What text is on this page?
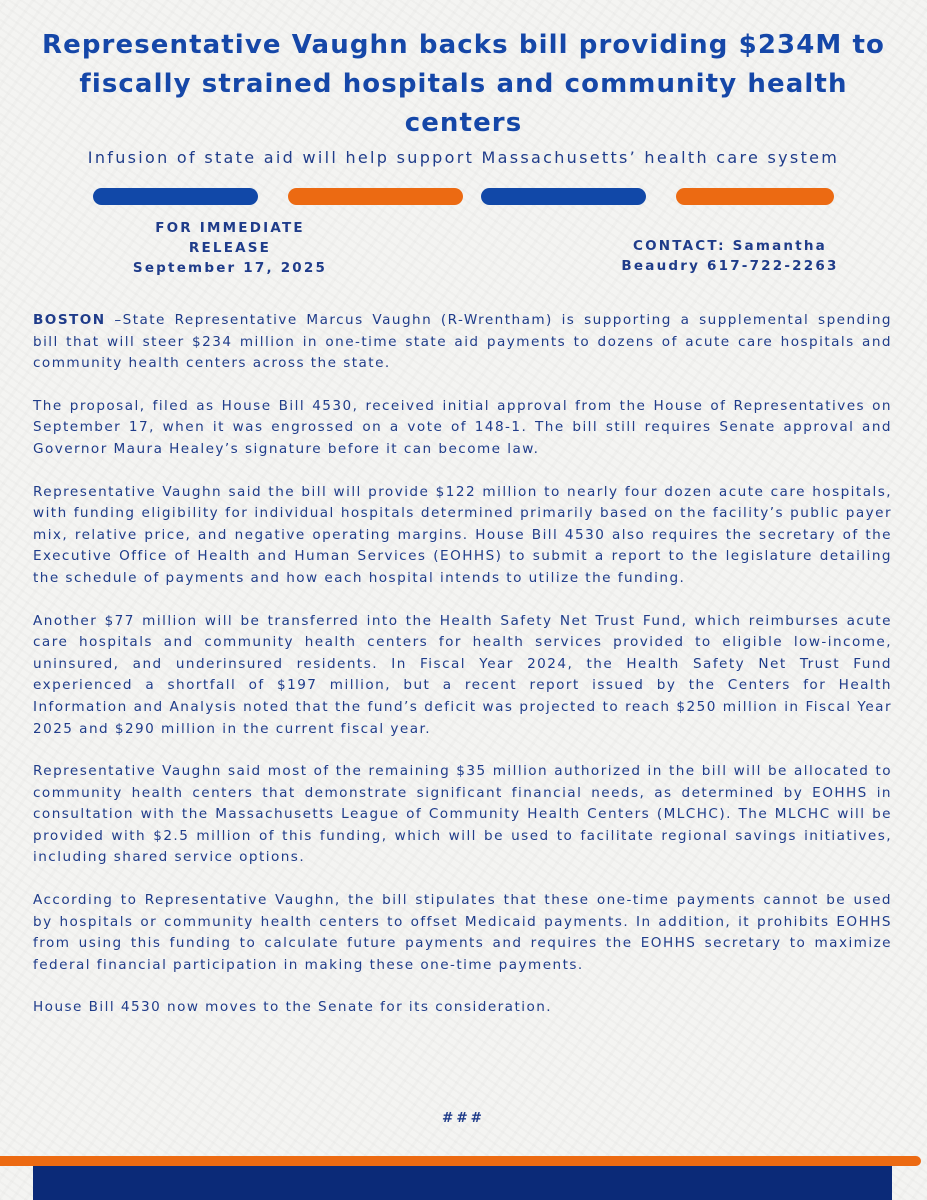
Representative Vaughn backs bill providing $234M to fiscally strained hospitals and community health centers
Infusion of state aid will help support Massachusetts’ health care system
FOR IMMEDIATE
RELEASE
September 17, 2025
CONTACT: Samantha
Beaudry 617-722-2263

BOSTON –State Representative Marcus Vaughn (R-Wrentham) is supporting a supplemental spending bill that will steer $234 million in one-time state aid payments to dozens of acute care hospitals and community health centers across the state.

The proposal, filed as House Bill 4530, received initial approval from the House of Representatives on September 17, when it was engrossed on a vote of 148-1. The bill still requires Senate approval and Governor Maura Healey’s signature before it can become law.

Representative Vaughn said the bill will provide $122 million to nearly four dozen acute care hospitals, with funding eligibility for individual hospitals determined primarily based on the facility’s public payer mix, relative price, and negative operating margins. House Bill 4530 also requires the secretary of the Executive Office of Health and Human Services (EOHHS) to submit a report to the legislature detailing the schedule of payments and how each hospital intends to utilize the funding.

Another $77 million will be transferred into the Health Safety Net Trust Fund, which reimburses acute care hospitals and community health centers for health services provided to eligible low-income, uninsured, and underinsured residents. In Fiscal Year 2024, the Health Safety Net Trust Fund experienced a shortfall of $197 million, but a recent report issued by the Centers for Health Information and Analysis noted that the fund’s deficit was projected to reach $250 million in Fiscal Year 2025 and $290 million in the current fiscal year.

Representative Vaughn said most of the remaining $35 million authorized in the bill will be allocated to community health centers that demonstrate significant financial needs, as determined by EOHHS in consultation with the Massachusetts League of Community Health Centers (MLCHC). The MLCHC will be provided with $2.5 million of this funding, which will be used to facilitate regional savings initiatives, including shared service options.

According to Representative Vaughn, the bill stipulates that these one-time payments cannot be used by hospitals or community health centers to offset Medicaid payments. In addition, it prohibits EOHHS from using this funding to calculate future payments and requires the EOHHS secretary to maximize federal financial participation in making these one-time payments.

House Bill 4530 now moves to the Senate for its consideration.

###
